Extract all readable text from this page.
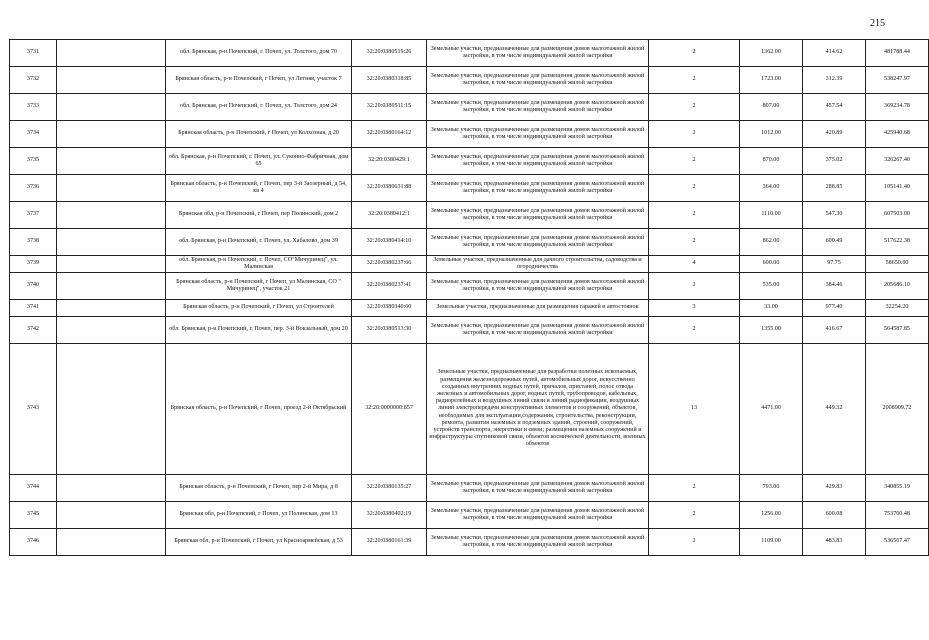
215
3731		обл. Брянская, р-н Почепский, г. Почеп, ул. Толстого, дом 70	32:20:0380519:26	Земельные участки, предназначенные для размещения домов малоэтажной жилой застройки, в том числе индивидуальной жилой застройки	2	1362.00	414.62	481788.44
3732		Брянская область, р-н Почепский, г Почеп, ул Летняя, участок 7	32:20:0380318:85	Земельные участки, предназначенные для размещения домов малоэтажной жилой застройки, в том числе индивидуальной жилой застройки	2	1723.00	312.39	538247.97
3733		обл. Брянская, р-н Почепский, г. Почеп, ул. Толстого, дом 24	32:20:0380511:15	Земельные участки, предназначенные для размещения домов малоэтажной жилой застройки, в том числе индивидуальной жилой застройки	2	807.00	457.54	369234.78
3734		Брянская область, р-н Почепский, г Почеп, ул Колхозная, д 20	32:20:0380164:12	Земельные участки, предназначенные для размещения домов малоэтажной жилой застройки, в том числе индивидуальной жилой застройки	2	1012.00	420.89	425940.68
3735		обл. Брянская, р-н Почепский, г. Почеп, ул. Суконно-Фабричная, дом 65	32:20:0380429:1	Земельные участки, предназначенные для размещения домов малоэтажной жилой застройки, в том числе индивидуальной жилой застройки	2	870.00	375.02	326267.40
3736		Брянская область, р-н Почепский, г Почеп, пер 3-й Заозерный, д 54, кв 4	32:20:0380631:88	Земельные участки, предназначенные для размещения домов малоэтажной жилой застройки, в том числе индивидуальной жилой застройки	2	364.00	288.85	105141.40
3737		Брянская обл, р-н Почепский, г Почеп, пер Полинский, дом 2	32:20:0380412:1	Земельные участки, предназначенные для размещения домов малоэтажной жилой застройки, в том числе индивидуальной жилой застройки	2	1110.00	547.30	607503.00
3738		обл. Брянская, р-н Почепский, г. Почеп, ул. Хабалово, дом 39	32:20:0380414:10	Земельные участки, предназначенные для размещения домов малоэтажной жилой застройки, в том числе индивидуальной жилой застройки	2	862.00	600.49	517622.38
3739		обл. Брянская, р-н Почепский, г. Почеп, СО"Мичуринец", ул. Малинская	32:20:0380237:66	Земельные участки, предназначенные для дачного строительства, садоводства и огородничества	4	600.00	97.75	58650.00
3740		Брянская область, р-н Почепский, г Почеп, ул Малинская, СО " Мичуринец", участок 21	32:20:0380237:41	Земельные участки, предназначенные для размещения домов малоэтажной жилой застройки, в том числе индивидуальной жилой застройки	2	535.00	384.46	205686.10
3741		Брянская область, р-н Почепский, г Почеп, ул Строителей	32:20:0380340:60	Земельные участки, предназначенные для размещения гаражей и автостоянок	3	33.00	977.40	32254.20
3742		обл. Брянская, р-н Почепский, г. Почеп, пер. 3-й Вокзальный, дом 20	32:20:0380513:30	Земельные участки, предназначенные для размещения домов малоэтажной жилой застройки, в том числе индивидуальной жилой застройки	2	1355.00	416.67	564587.85
3743		Брянская область, р-н Почепский, г Почеп, проезд 2-й Октябрьский	32:20:0000000:857	Земельные участки, предназначенные для разработки полезных ископаемых, размещения железнодорожных путей, автомобильных дорог, искусственно созданных внутренних водных путей, причалов, пристаней, полос отвода железных и автомобильных дорог, водных путей, трубопроводов, кабельных, радиорелейных и воздушных линий связи и линий радиофикации, воздушных линий электропередачи конструктивных элементов и сооружений, объектов, необходимых для эксплуатации,содержания, строительства, реконструкции, ремонта, развития наземных и подземных зданий, строений, сооружений, устройств транспорта, энергетики и связи; размещения наземных сооружений и инфраструктуры спутниковой связи, объектов космической деятельности, военных объектов	13	4471.00	449.32	2008909.72
3744		Брянская область, р-н Почепский, г Почеп, пер 2-й Мира, д 8	32:20:0380135:27	Земельные участки, предназначенные для размещения домов малоэтажной жилой застройки, в том числе индивидуальной жилой застройки	2	793.00	429.83	340855.19
3745		Брянская обл, р-н Почепский, г Почеп, ул Полинская, дом 13	32:20:0380402:19	Земельные участки, предназначенные для размещения домов малоэтажной жилой застройки, в том числе индивидуальной жилой застройки	2	1256.00	600.08	753700.48
3746		Брянская обл, р-н Почепский, г Почеп, ул Красноармейская, д 53	32:20:0380161:39	Земельные участки, предназначенные для размещения домов малоэтажной жилой застройки, в том числе индивидуальной жилой застройки	2	1109.00	483.83	536567.47
